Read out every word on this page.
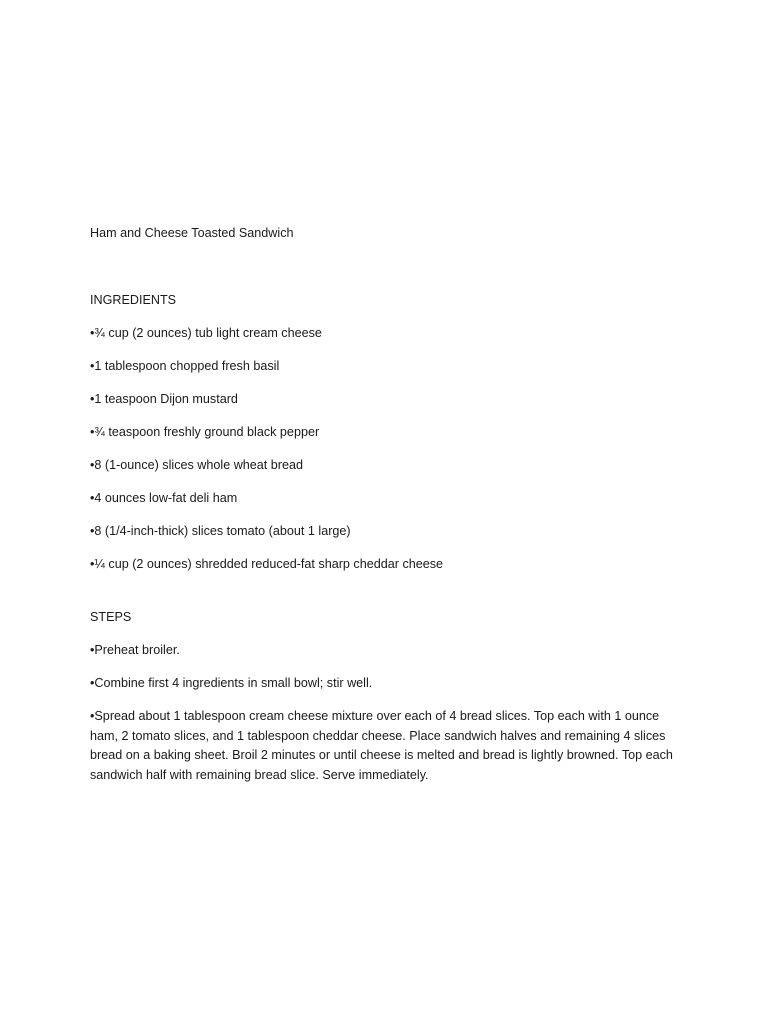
Ham and Cheese Toasted Sandwich

INGREDIENTS

•¾ cup (2 ounces) tub light cream cheese
•1 tablespoon chopped fresh basil
•1 teaspoon Dijon mustard
•¾ teaspoon freshly ground black pepper
•8 (1-ounce) slices whole wheat bread
•4 ounces low-fat deli ham
•8 (1/4-inch-thick) slices tomato (about 1 large)
•¼ cup (2 ounces) shredded reduced-fat sharp cheddar cheese

STEPS

•Preheat broiler.
•Combine first 4 ingredients in small bowl; stir well.
•Spread about 1 tablespoon cream cheese mixture over each of 4 bread slices. Top each with 1 ounce ham, 2 tomato slices, and 1 tablespoon cheddar cheese. Place sandwich halves and remaining 4 slices bread on a baking sheet. Broil 2 minutes or until cheese is melted and bread is lightly browned. Top each sandwich half with remaining bread slice. Serve immediately.
